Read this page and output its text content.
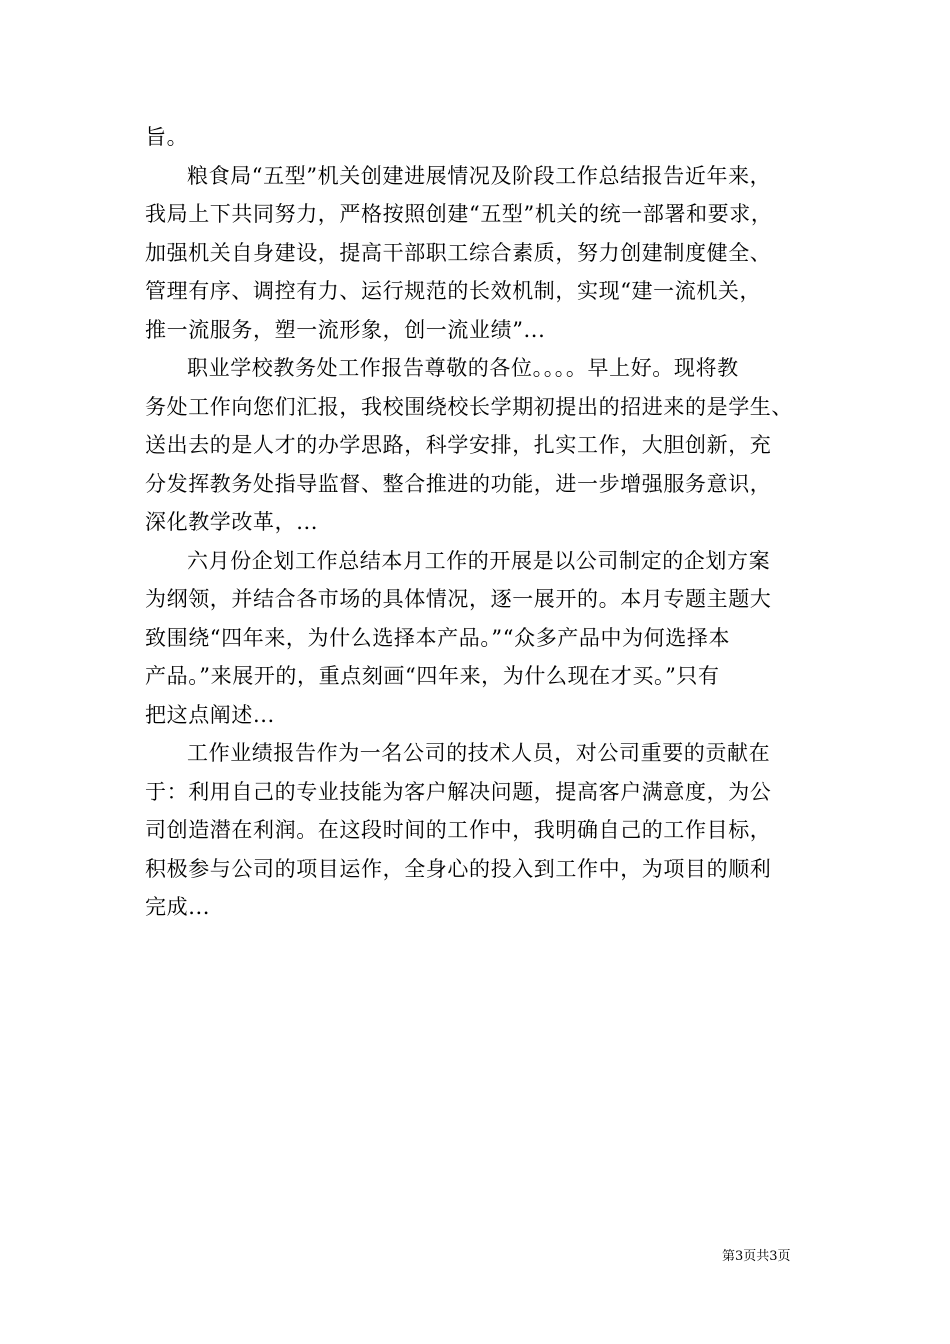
旨。

粮食局“五型”机关创建进展情况及阶段工作总结报告近年来，
我局上下共同努力，严格按照创建“五型”机关的统一部署和要求，
加强机关自身建设，提高干部职工综合素质，努力创建制度健全、
管理有序、调控有力、运行规范的长效机制，实现“建一流机关，
推一流服务，塑一流形象，创一流业绩”...

职业学校教务处工作报告尊敬的各位。。。。早上好。现将教
务处工作向您们汇报，我校围绕校长学期初提出的招进来的是学生、
送出去的是人才的办学思路，科学安排，扎实工作，大胆创新，充
分发挥教务处指导监督、整合推进的功能，进一步增强服务意识，
深化教学改革，...

六月份企划工作总结本月工作的开展是以公司制定的企划方案
为纲领，并结合各市场的具体情况，逐一展开的。本月专题主题大
致围绕“四年来，为什么选择本产品。”“众多产品中为何选择本
产品。”来展开的，重点刻画“四年来，为什么现在才买。”只有
把这点阐述...

工作业绩报告作为一名公司的技术人员，对公司重要的贡献在
于：利用自己的专业技能为客户解决问题，提高客户满意度，为公
司创造潜在利润。在这段时间的工作中，我明确自己的工作目标，
积极参与公司的项目运作，全身心的投入到工作中，为项目的顺利
完成...

第3页共3页
